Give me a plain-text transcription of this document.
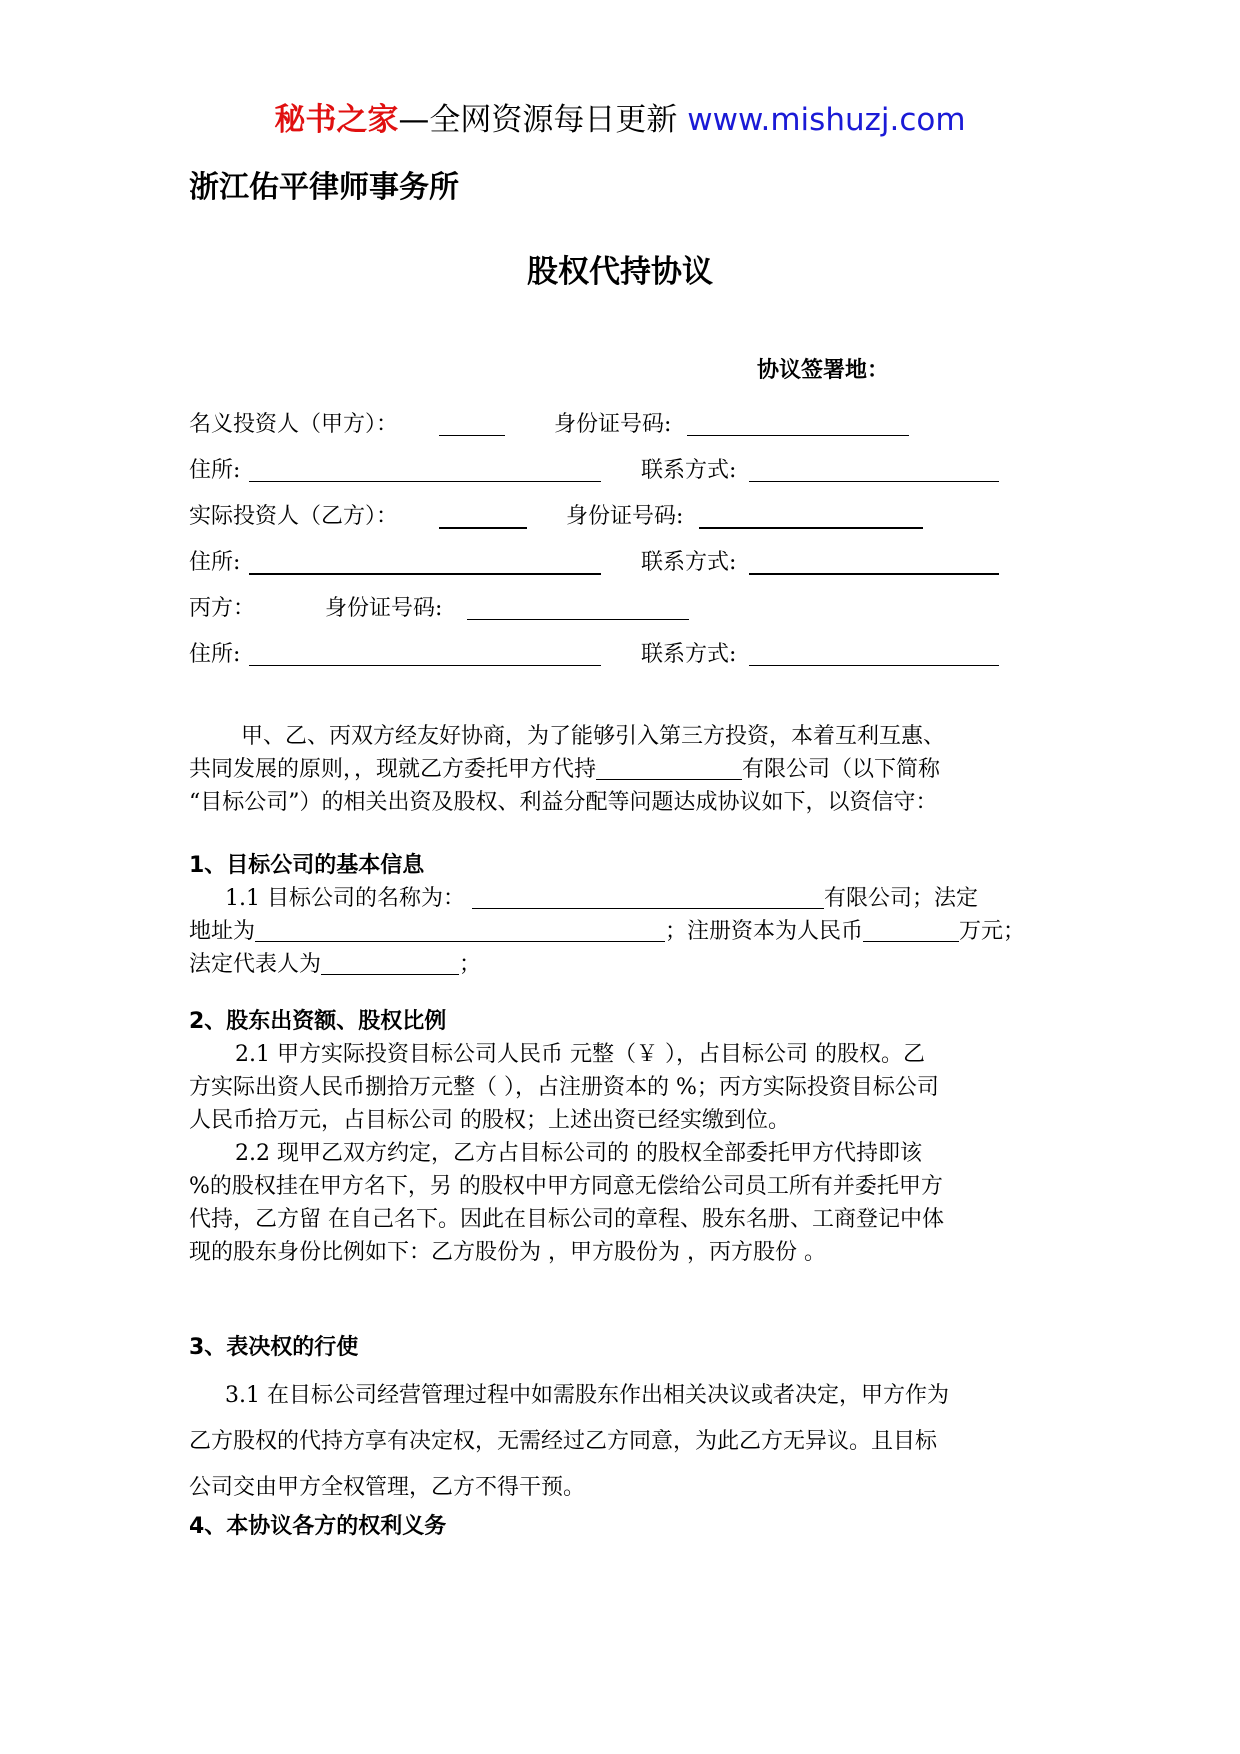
秘书之家—全网资源每日更新 www.mishuzj.com
浙江佑平律师事务所
股权代持协议
协议签署地：
名义投资人（甲方）：	身份证号码:
住所:	联系方式:
实际投资人（乙方）：	身份证号码:
住所:	联系方式:
丙方：	身份证号码:
住所:	联系方式:
甲、乙、丙双方经友好协商，为了能够引入第三方投资，本着互利互惠、
共同发展的原则，，现就乙方委托甲方代持	有限公司（以下简称
“目标公司”）的相关出资及股权、利益分配等问题达成协议如下，以资信守：
1、目标公司的基本信息
1.1 目标公司的名称为：	有限公司；法定
地址为	；注册资本为人民币	万元；
法定代表人为	；
2、股东出资额、股权比例
2.1 甲方实际投资目标公司人民币 元整（￥ ），占目标公司 的股权。乙
方实际出资人民币捌拾万元整（ ），占注册资本的 %；丙方实际投资目标公司
人民币拾万元，占目标公司 的股权；上述出资已经实缴到位。
2.2 现甲乙双方约定，乙方占目标公司的 的股权全部委托甲方代持即该
%的股权挂在甲方名下，另 的股权中甲方同意无偿给公司员工所有并委托甲方
代持，乙方留 在自己名下。因此在目标公司的章程、股东名册、工商登记中体
现的股东身份比例如下：乙方股份为 ，甲方股份为 ，丙方股份 。
3、表决权的行使
3.1 在目标公司经营管理过程中如需股东作出相关决议或者决定，甲方作为
乙方股权的代持方享有决定权，无需经过乙方同意，为此乙方无异议。且目标
公司交由甲方全权管理，乙方不得干预。
4、本协议各方的权利义务
